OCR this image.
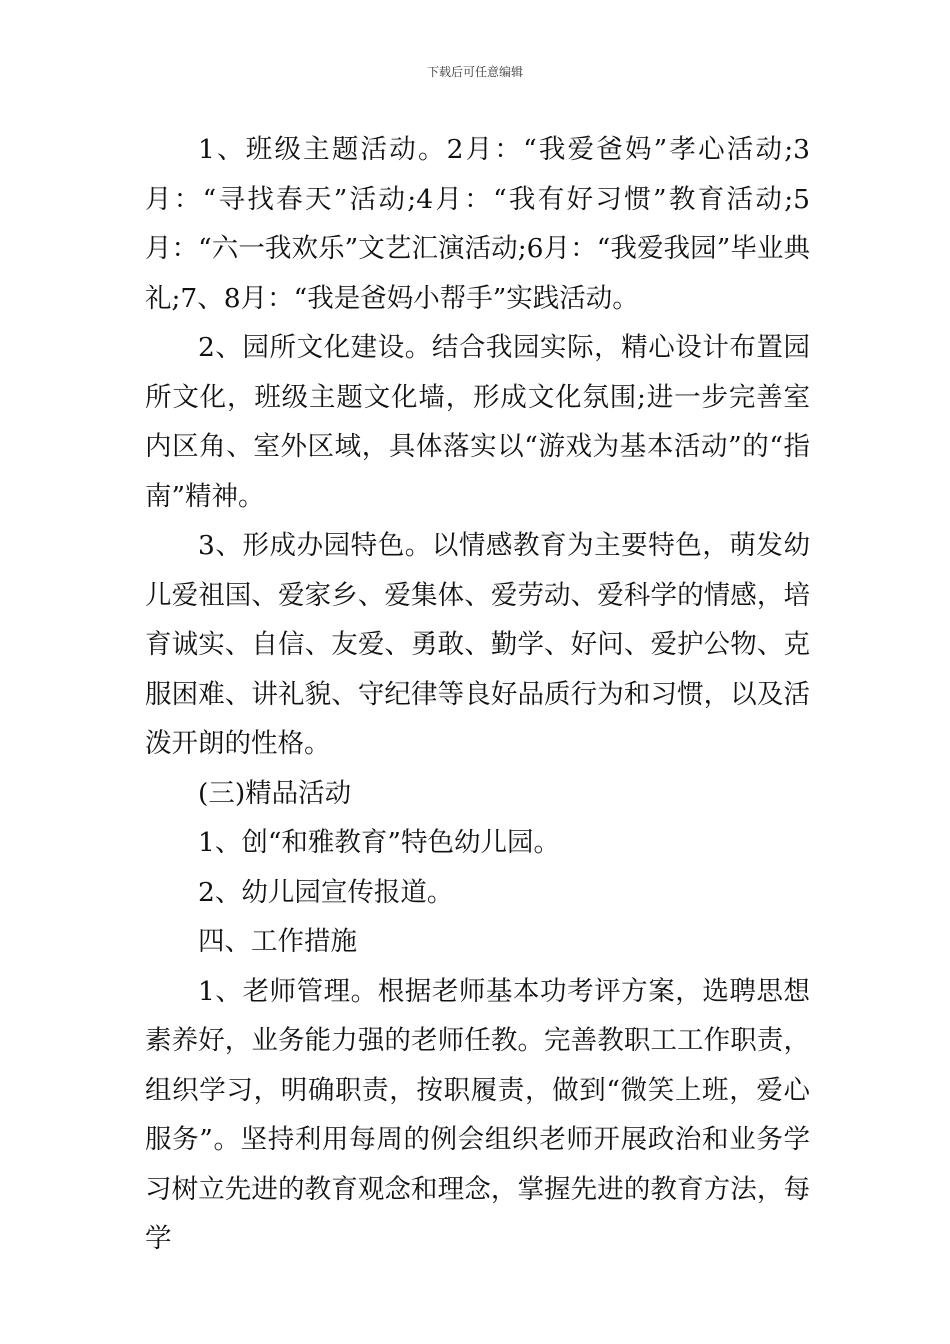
下载后可任意编辑

1、班级主题活动。2月：“我爱爸妈”孝心活动;3月：“寻找春天”活动;4月：“我有好习惯”教育活动;5月：“六一我欢乐”文艺汇演活动;6月：“我爱我园”毕业典礼;7、8月：“我是爸妈小帮手”实践活动。

2、园所文化建设。结合我园实际，精心设计布置园所文化，班级主题文化墙，形成文化氛围;进一步完善室内区角、室外区域，具体落实以“游戏为基本活动”的“指南”精神。

3、形成办园特色。以情感教育为主要特色，萌发幼儿爱祖国、爱家乡、爱集体、爱劳动、爱科学的情感，培育诚实、自信、友爱、勇敢、勤学、好问、爱护公物、克服困难、讲礼貌、守纪律等良好品质行为和习惯，以及活泼开朗的性格。

(三)精品活动

1、创“和雅教育”特色幼儿园。

2、幼儿园宣传报道。

四、工作措施

1、老师管理。根据老师基本功考评方案，选聘思想素养好，业务能力强的老师任教。完善教职工工作职责，组织学习，明确职责，按职履责，做到“微笑上班，爱心服务”。坚持利用每周的例会组织老师开展政治和业务学习树立先进的教育观念和理念，掌握先进的教育方法，每学
